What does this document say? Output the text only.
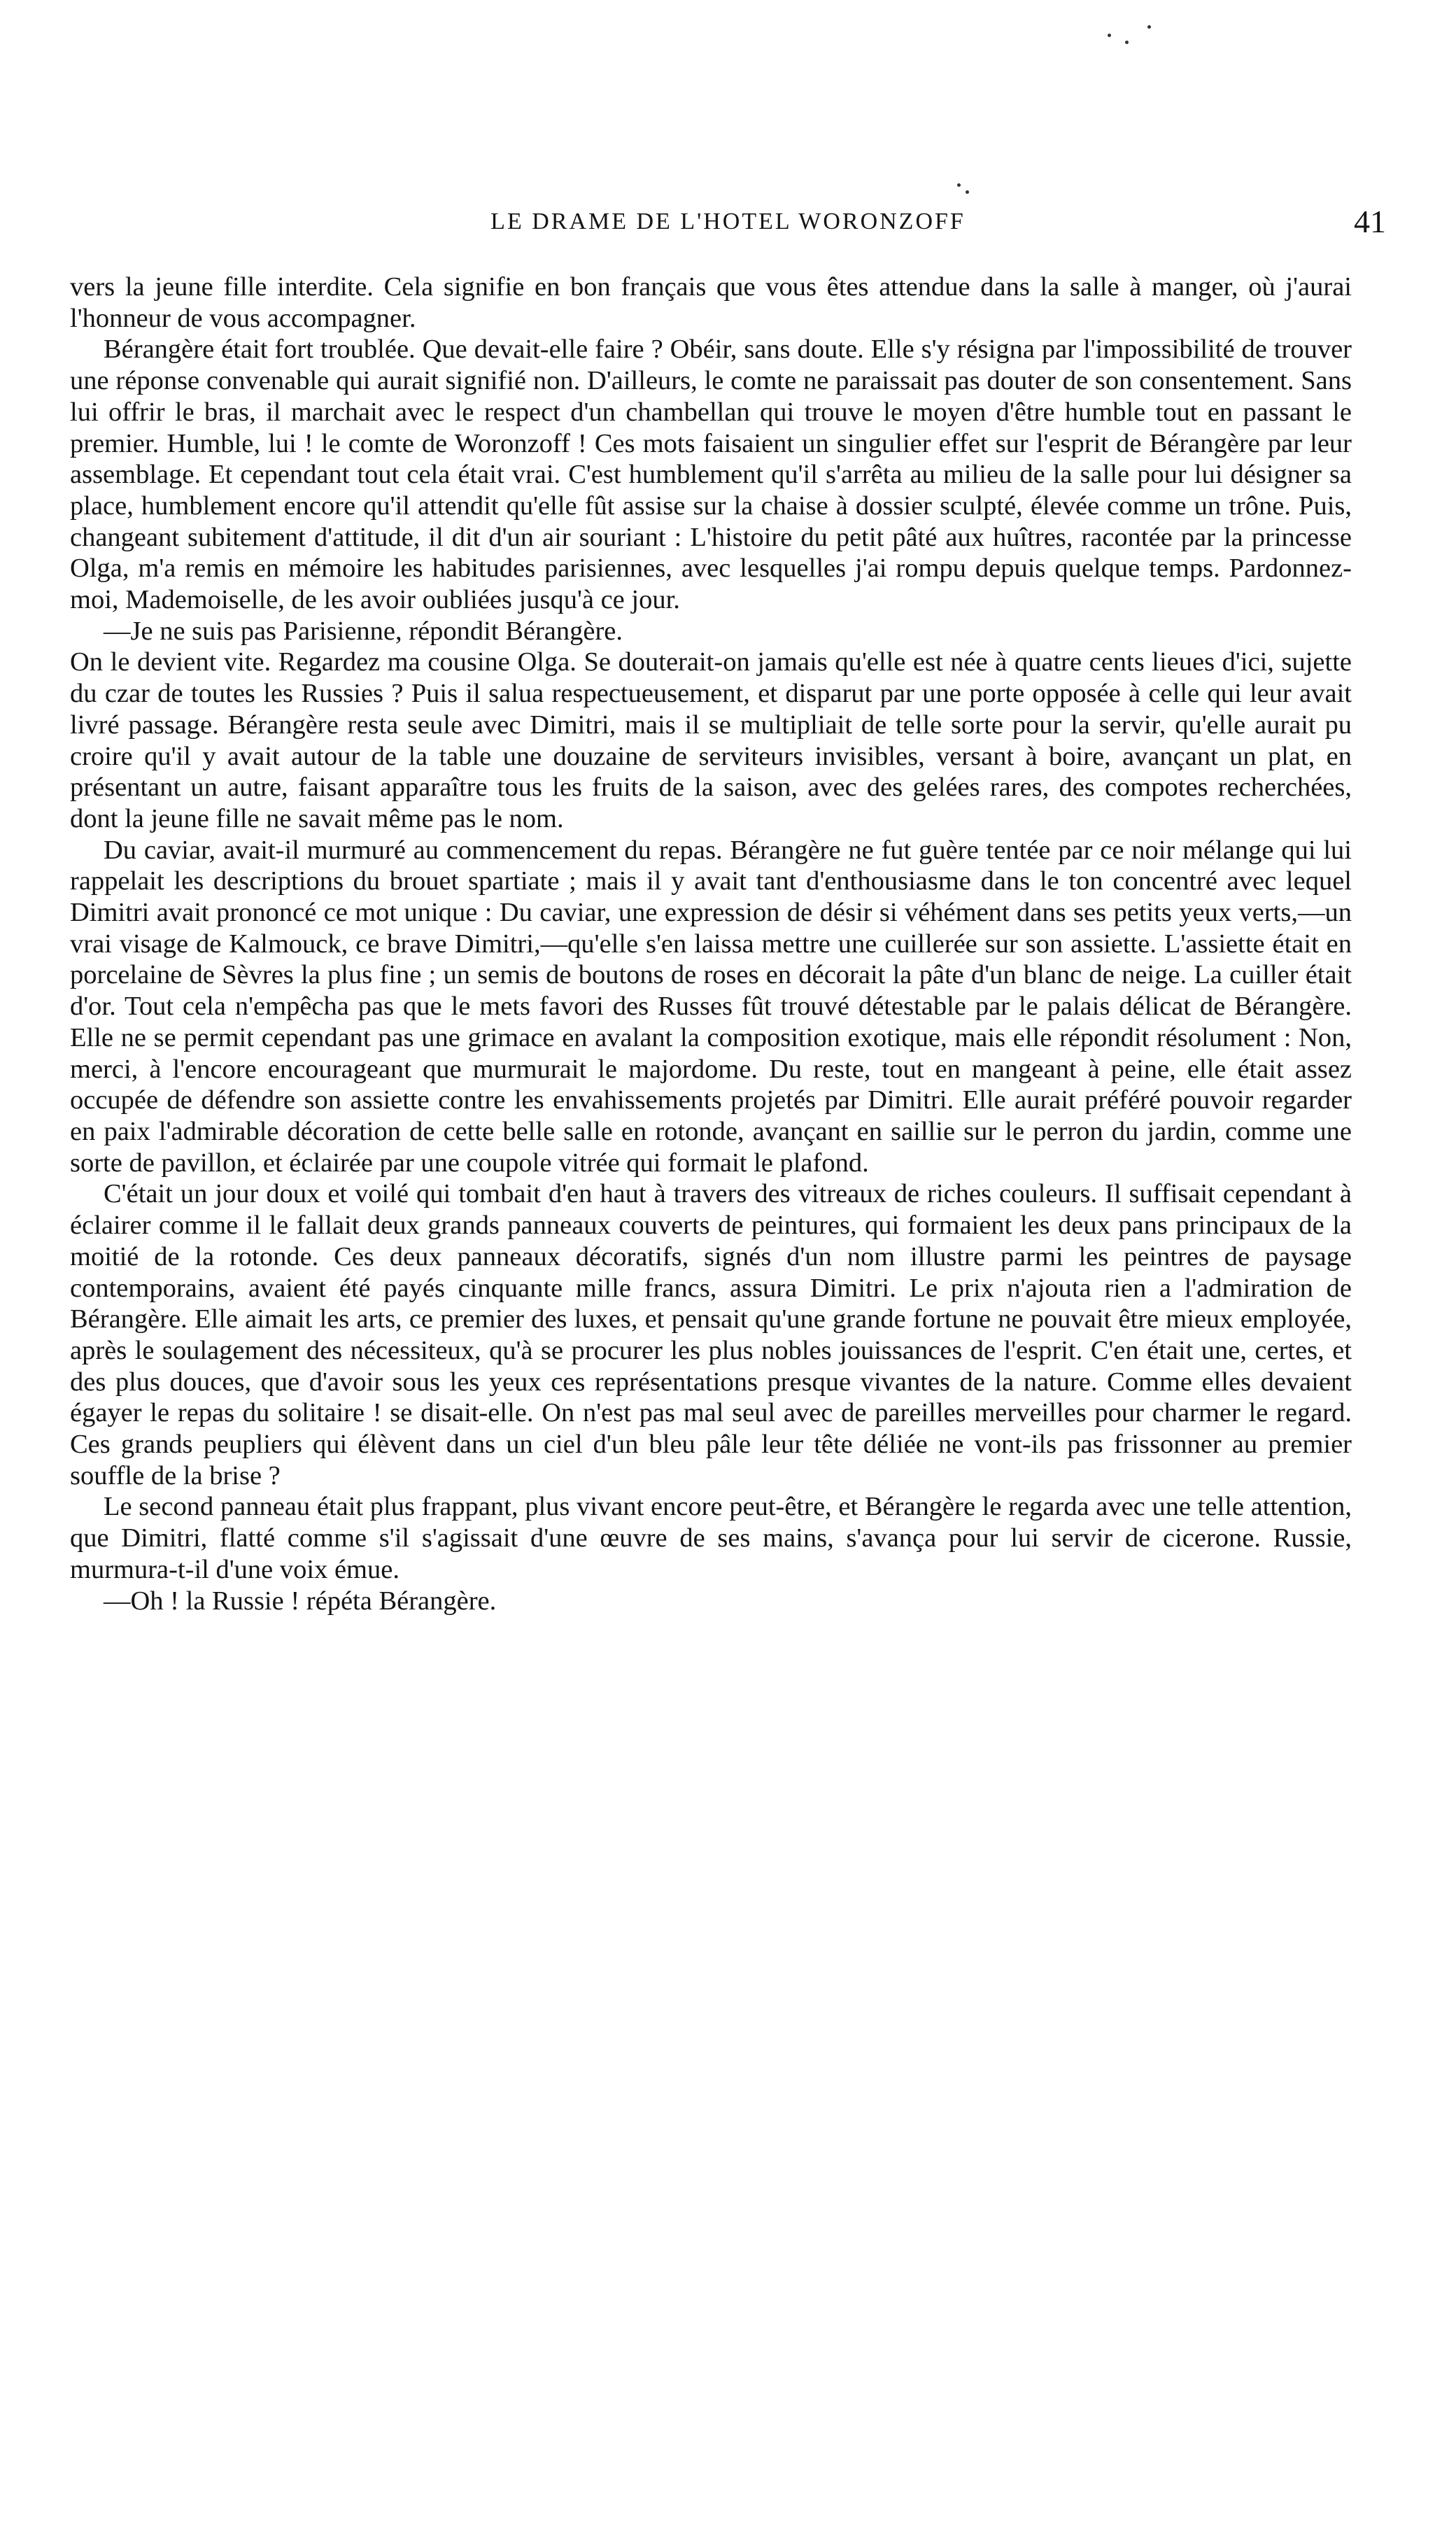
LE DRAME DE L'HOTEL WORONZOFF	41

vers la jeune fille interdite. Cela signifie en bon français que vous êtes attendue dans la salle à manger, où j'aurai l'honneur de vous accompagner.

Bérangère était fort troublée. Que devait-elle faire ? Obéir, sans doute. Elle s'y résigna par l'impossibilité de trouver une réponse convenable qui aurait signifié non. D'ailleurs, le comte ne paraissait pas douter de son consentement. Sans lui offrir le bras, il marchait avec le respect d'un chambellan qui trouve le moyen d'être humble tout en passant le premier. Humble, lui ! le comte de Woronzoff ! Ces mots faisaient un singulier effet sur l'esprit de Bérangère par leur assemblage. Et cependant tout cela était vrai. C'est humblement qu'il s'arrêta au milieu de la salle pour lui désigner sa place, humblement encore qu'il attendit qu'elle fût assise sur la chaise à dossier sculpté, élevée comme un trône. Puis, changeant subitement d'attitude, il dit d'un air souriant : L'histoire du petit pâté aux huîtres, racontée par la princesse Olga, m'a remis en mémoire les habitudes parisiennes, avec lesquelles j'ai rompu depuis quelque temps. Pardonnez-moi, Mademoiselle, de les avoir oubliées jusqu'à ce jour.

—Je ne suis pas Parisienne, répondit Bérangère.

On le devient vite. Regardez ma cousine Olga. Se douterait-on jamais qu'elle est née à quatre cents lieues d'ici, sujette du czar de toutes les Russies ? Puis il salua respectueusement, et disparut par une porte opposée à celle qui leur avait livré passage. Bérangère resta seule avec Dimitri, mais il se multipliait de telle sorte pour la servir, qu'elle aurait pu croire qu'il y avait autour de la table une douzaine de serviteurs invisibles, versant à boire, avançant un plat, en présentant un autre, faisant apparaître tous les fruits de la saison, avec des gelées rares, des compotes recherchées, dont la jeune fille ne savait même pas le nom.

Du caviar, avait-il murmuré au commencement du repas. Bérangère ne fut guère tentée par ce noir mélange qui lui rappelait les descriptions du brouet spartiate ; mais il y avait tant d'enthousiasme dans le ton concentré avec lequel Dimitri avait prononcé ce mot unique : Du caviar, une expression de désir si véhément dans ses petits yeux verts,—un vrai visage de Kalmouck, ce brave Dimitri,—qu'elle s'en laissa mettre une cuillerée sur son assiette. L'assiette était en porcelaine de Sèvres la plus fine ; un semis de boutons de roses en décorait la pâte d'un blanc de neige. La cuiller était d'or. Tout cela n'empêcha pas que le mets favori des Russes fût trouvé détestable par le palais délicat de Bérangère. Elle ne se permit cependant pas une grimace en avalant la composition exotique, mais elle répondit résolument : Non, merci, à l'encore encourageant que murmurait le majordome. Du reste, tout en mangeant à peine, elle était assez occupée de défendre son assiette contre les envahissements projetés par Dimitri. Elle aurait préféré pouvoir regarder en paix l'admirable décoration de cette belle salle en rotonde, avançant en saillie sur le perron du jardin, comme une sorte de pavillon, et éclairée par une coupole vitrée qui formait le plafond.

C'était un jour doux et voilé qui tombait d'en haut à travers des vitreaux de riches couleurs. Il suffisait cependant à éclairer comme il le fallait deux grands panneaux couverts de peintures, qui formaient les deux pans principaux de la moitié de la rotonde. Ces deux panneaux décoratifs, signés d'un nom illustre parmi les peintres de paysage contemporains, avaient été payés cinquante mille francs, assura Dimitri. Le prix n'ajouta rien a l'admiration de Bérangère. Elle aimait les arts, ce premier des luxes, et pensait qu'une grande fortune ne pouvait être mieux employée, après le soulagement des nécessiteux, qu'à se procurer les plus nobles jouissances de l'esprit. C'en était une, certes, et des plus douces, que d'avoir sous les yeux ces représentations presque vivantes de la nature. Comme elles devaient égayer le repas du solitaire ! se disait-elle. On n'est pas mal seul avec de pareilles merveilles pour charmer le regard. Ces grands peupliers qui élèvent dans un ciel d'un bleu pâle leur tête déliée ne vont-ils pas frissonner au premier souffle de la brise ?

Le second panneau était plus frappant, plus vivant encore peut-être, et Bérangère le regarda avec une telle attention, que Dimitri, flatté comme s'il s'agissait d'une œuvre de ses mains, s'avança pour lui servir de cicerone. Russie, murmura-t-il d'une voix émue.

—Oh ! la Russie ! répéta Bérangère.
